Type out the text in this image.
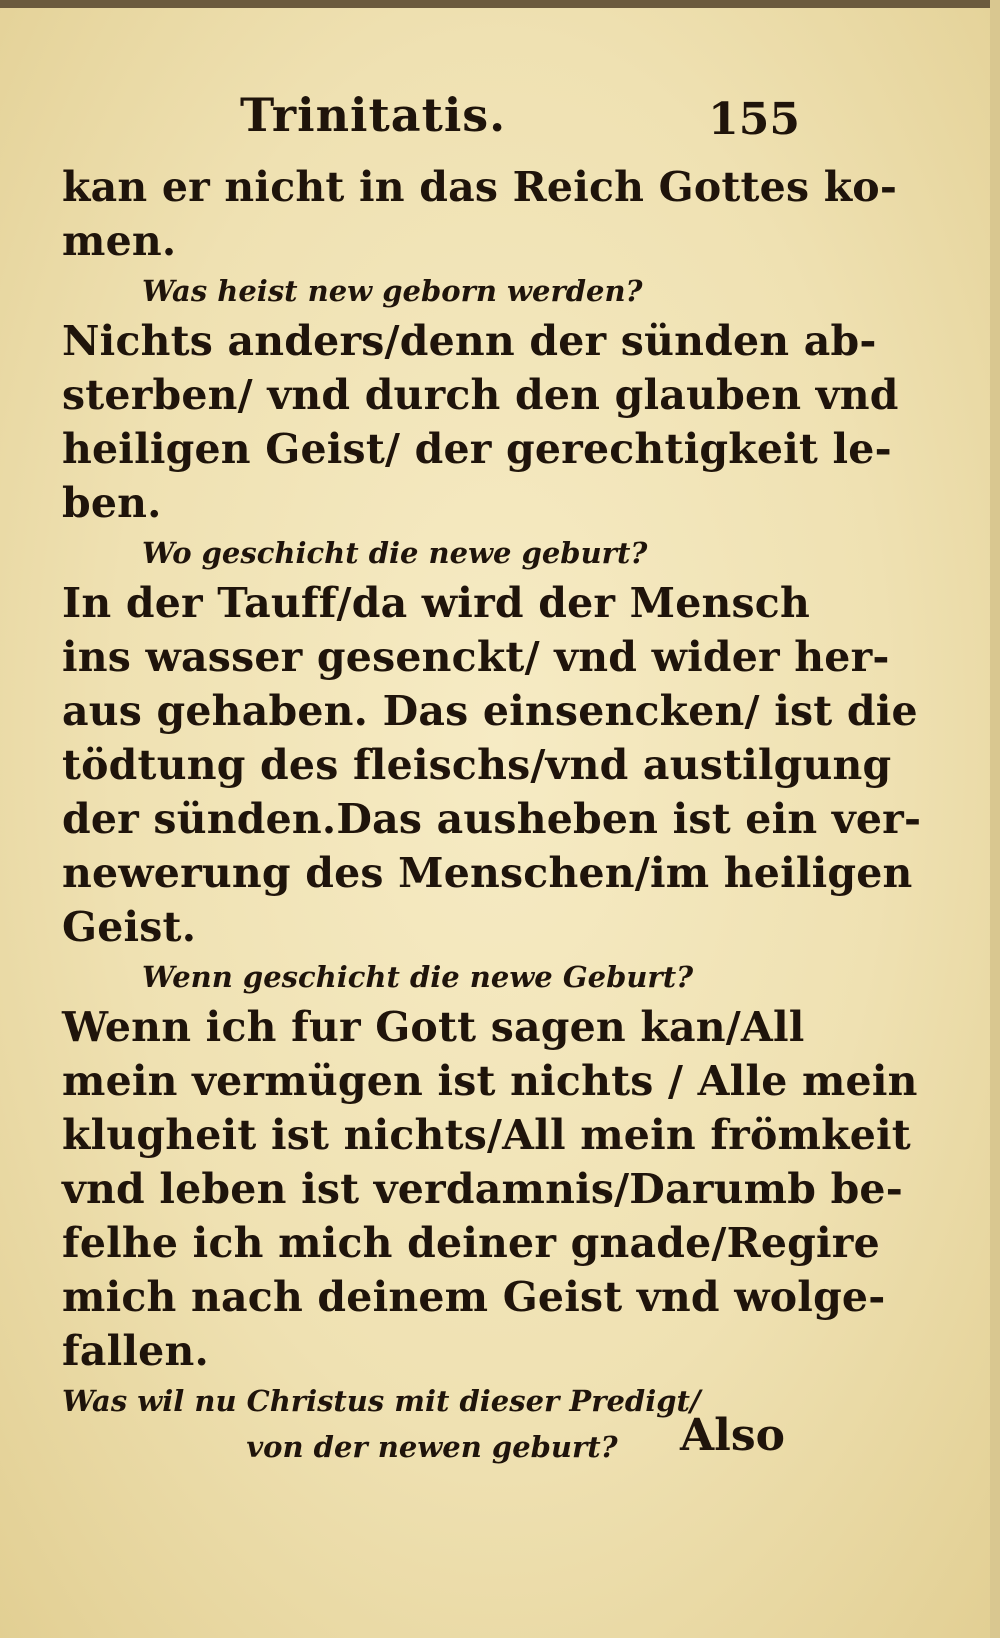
Trinitatis.	155
kan er nicht in das Reich Gottes ko-
men.
Was heist new geborn werden?
Nichts anders/denn der sünden ab-
sterben/ vnd durch den glauben vnd
heiligen Geist/ der gerechtigkeit le-
ben.
Wo geschicht die newe geburt?
In der Tauff/da wird der Mensch
ins wasser gesenckt/ vnd wider her-
aus gehaben. Das einsencken/ ist die
tödtung des fleischs/vnd austilgung
der sünden.Das ausheben ist ein ver-
newerung des Menschen/im heiligen
Geist.
Wenn geschicht die newe Geburt?
Wenn ich fur Gott sagen kan/All
mein vermügen ist nichts / Alle mein
klugheit ist nichts/All mein frömkeit
vnd leben ist verdamnis/Darumb be-
felhe ich mich deiner gnade/Regire
mich nach deinem Geist vnd wolge-
fallen.
Was wil nu Christus mit dieser Predigt/
von der newen geburt?	Also
